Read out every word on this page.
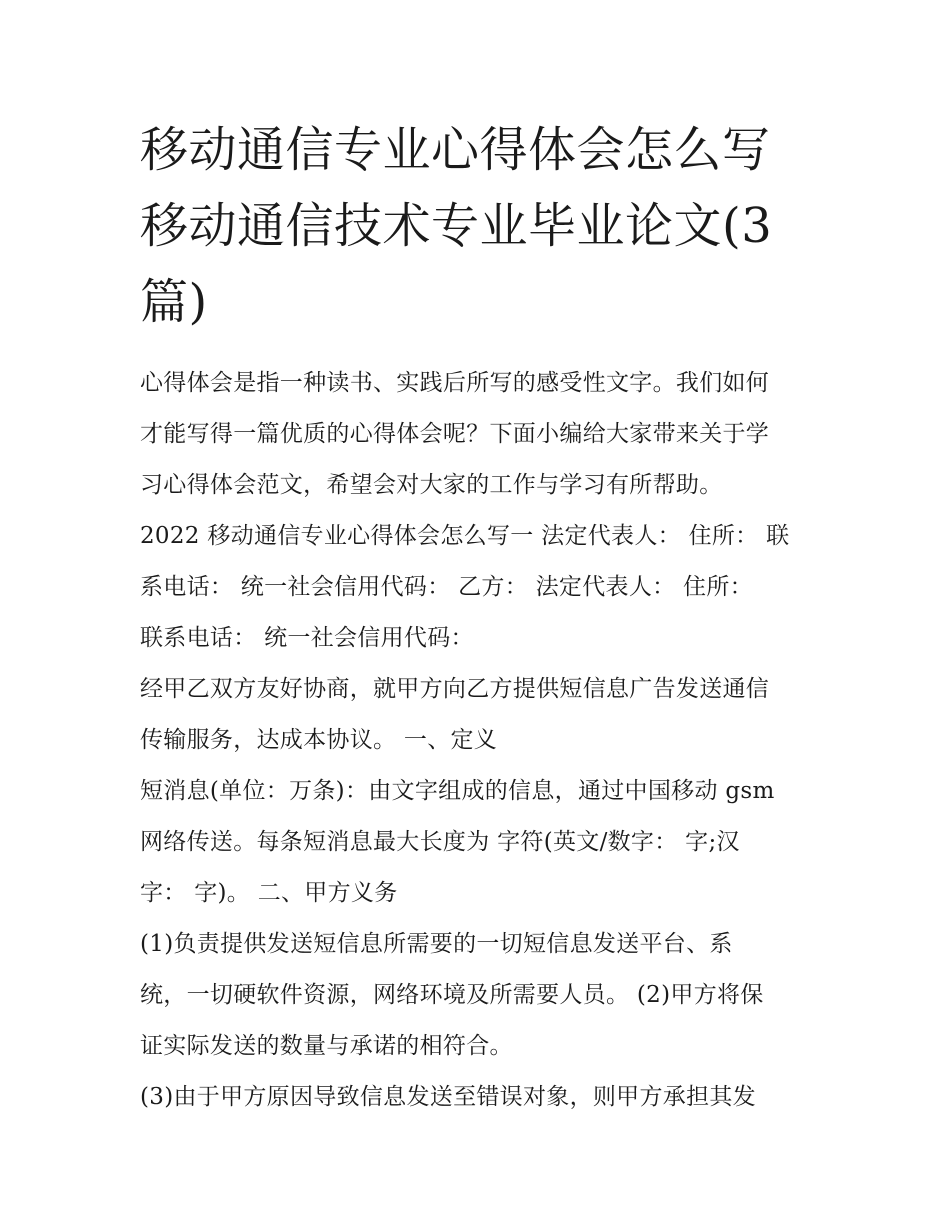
移动通信专业心得体会怎么写
移动通信技术专业毕业论文(3
篇)

心得体会是指一种读书、实践后所写的感受性文字。我们如何
才能写得一篇优质的心得体会呢？下面小编给大家带来关于学
习心得体会范文，希望会对大家的工作与学习有所帮助。

2022 移动通信专业心得体会怎么写一 法定代表人： 住所： 联
系电话： 统一社会信用代码： 乙方： 法定代表人： 住所：
联系电话： 统一社会信用代码：

经甲乙双方友好协商，就甲方向乙方提供短信息广告发送通信
传输服务，达成本协议。 一、定义

短消息(单位：万条)：由文字组成的信息，通过中国移动 gsm
网络传送。每条短消息最大长度为 字符(英文/数字： 字;汉
字： 字)。 二、甲方义务

(1)负责提供发送短信息所需要的一切短信息发送平台、系
统，一切硬软件资源，网络环境及所需要人员。 (2)甲方将保
证实际发送的数量与承诺的相符合。

(3)由于甲方原因导致信息发送至错误对象，则甲方承担其发
